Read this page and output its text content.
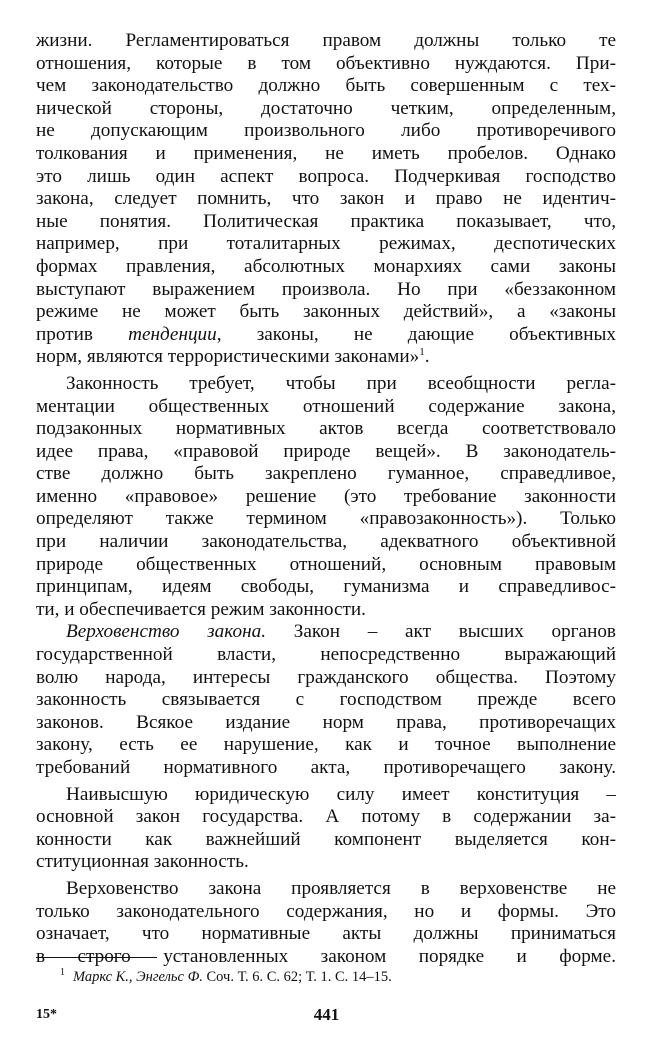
жизни. Регламентироваться правом должны только те
отношения, которые в том объективно нуждаются. При-
чем законодательство должно быть совершенным с тех-
нической стороны, достаточно четким, определенным,
не допускающим произвольного либо противоречивого
толкования и применения, не иметь пробелов. Однако
это лишь один аспект вопроса. Подчеркивая господство
закона, следует помнить, что закон и право не идентич-
ные понятия. Политическая практика показывает, что,
например, при тоталитарных режимах, деспотических
формах правления, абсолютных монархиях сами законы
выступают выражением произвола. Но при «беззаконном
режиме не может быть законных действий», а «законы
против тенденции, законы, не дающие объективных
норм, являются террористическими законами»$^1$.
Законность требует, чтобы при всеобщности регла-
ментации общественных отношений содержание закона,
подзаконных нормативных актов всегда соответствовало
идее права, «правовой природе вещей». В законодатель-
стве должно быть закреплено гуманное, справедливое,
именно «правовое» решение (это требование законности
определяют также термином «правозаконность»). Только
при наличии законодательства, адекватного объективной
природе общественных отношений, основным правовым
принципам, идеям свободы, гуманизма и справедливос-
ти, и обеспечивается режим законности.
Верховенство закона. Закон – акт высших органов
государственной власти, непосредственно выражающий
волю народа, интересы гражданского общества. Поэтому
законность связывается с господством прежде всего
законов. Всякое издание норм права, противоречащих
закону, есть ее нарушение, как и точное выполнение
требований нормативного акта, противоречащего закону.
Наивысшую юридическую силу имеет конституция –
основной закон государства. А потому в содержании за-
конности как важнейший компонент выделяется кон-
ституционная законность.
Верховенство закона проявляется в верховенстве не
только законодательного содержания, но и формы. Это
означает, что нормативные акты должны приниматься
в строго установленных законом порядке и форме.
$^1$ Маркс К., Энгельс Ф. Соч. Т. 6. С. 62; Т. 1. С. 14–15.
15*	441
